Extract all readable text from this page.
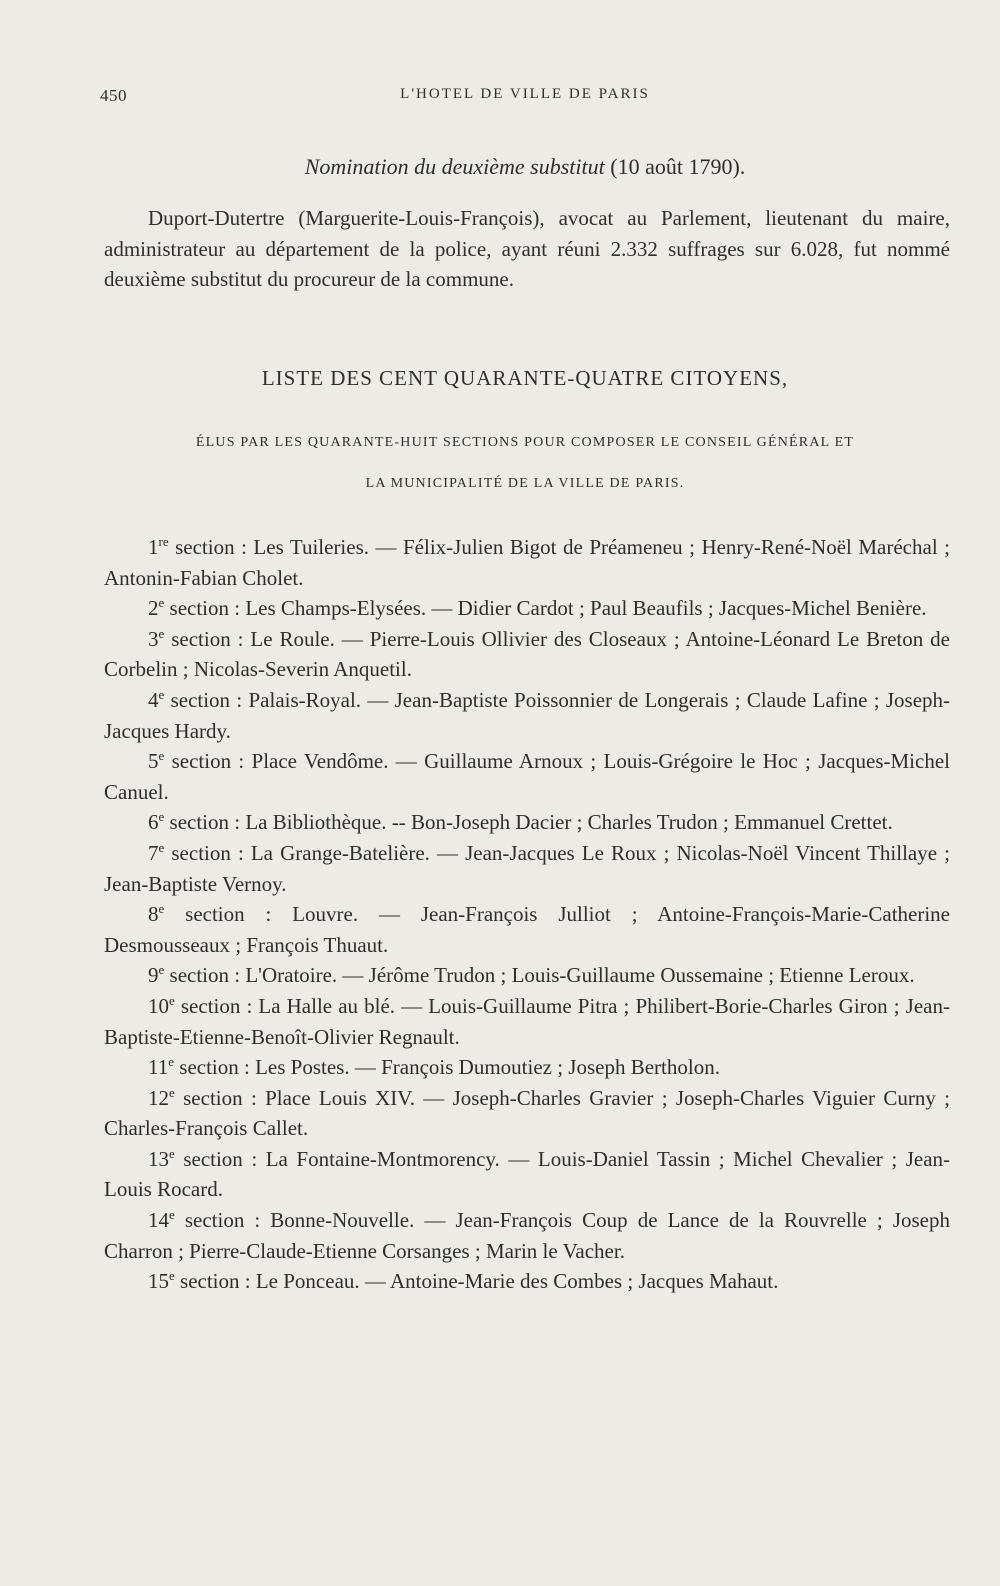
450	L'HOTEL DE VILLE DE PARIS
Nomination du deuxième substitut (10 août 1790).

Duport-Dutertre (Marguerite-Louis-François), avocat au Parlement, lieutenant du maire, administrateur au département de la police, ayant réuni 2.332 suffrages sur 6.028, fut nommé deuxième substitut du procureur de la commune.

LISTE DES CENT QUARANTE-QUATRE CITOYENS,
ÉLUS PAR LES QUARANTE-HUIT SECTIONS POUR COMPOSER LE CONSEIL GÉNÉRAL ET
LA MUNICIPALITÉ DE LA VILLE DE PARIS.
1re section : Les Tuileries. — Félix-Julien Bigot de Préameneu ; Henry-René-Noël Maréchal ; Antonin-Fabian Cholet.
2e section : Les Champs-Elysées. — Didier Cardot ; Paul Beaufils ; Jacques-Michel Benière.
3e section : Le Roule. — Pierre-Louis Ollivier des Closeaux ; Antoine-Léonard Le Breton de Corbelin ; Nicolas-Severin Anquetil.
4e section : Palais-Royal. — Jean-Baptiste Poissonnier de Longerais ; Claude Lafine ; Joseph-Jacques Hardy.
5e section : Place Vendôme. — Guillaume Arnoux ; Louis-Grégoire le Hoc ; Jacques-Michel Canuel.
6e section : La Bibliothèque. -- Bon-Joseph Dacier ; Charles Trudon ; Emmanuel Crettet.
7e section : La Grange-Batelière. — Jean-Jacques Le Roux ; Nicolas-Noël Vincent Thillaye ; Jean-Baptiste Vernoy.
8e section : Louvre. — Jean-François Julliot ; Antoine-François-Marie-Catherine Desmousseaux ; François Thuaut.
9e section : L'Oratoire. — Jérôme Trudon ; Louis-Guillaume Oussemaine ; Etienne Leroux.
10e section : La Halle au blé. — Louis-Guillaume Pitra ; Philibert-Borie-Charles Giron ; Jean-Baptiste-Etienne-Benoît-Olivier Regnault.
11e section : Les Postes. — François Dumoutiez ; Joseph Bertholon.
12e section : Place Louis XIV. — Joseph-Charles Gravier ; Joseph-Charles Viguier Curny ; Charles-François Callet.
13e section : La Fontaine-Montmorency. — Louis-Daniel Tassin ; Michel Chevalier ; Jean-Louis Rocard.
14e section : Bonne-Nouvelle. — Jean-François Coup de Lance de la Rouvrelle ; Joseph Charron ; Pierre-Claude-Etienne Corsanges ; Marin le Vacher.
15e section : Le Ponceau. — Antoine-Marie des Combes ; Jacques Mahaut.
